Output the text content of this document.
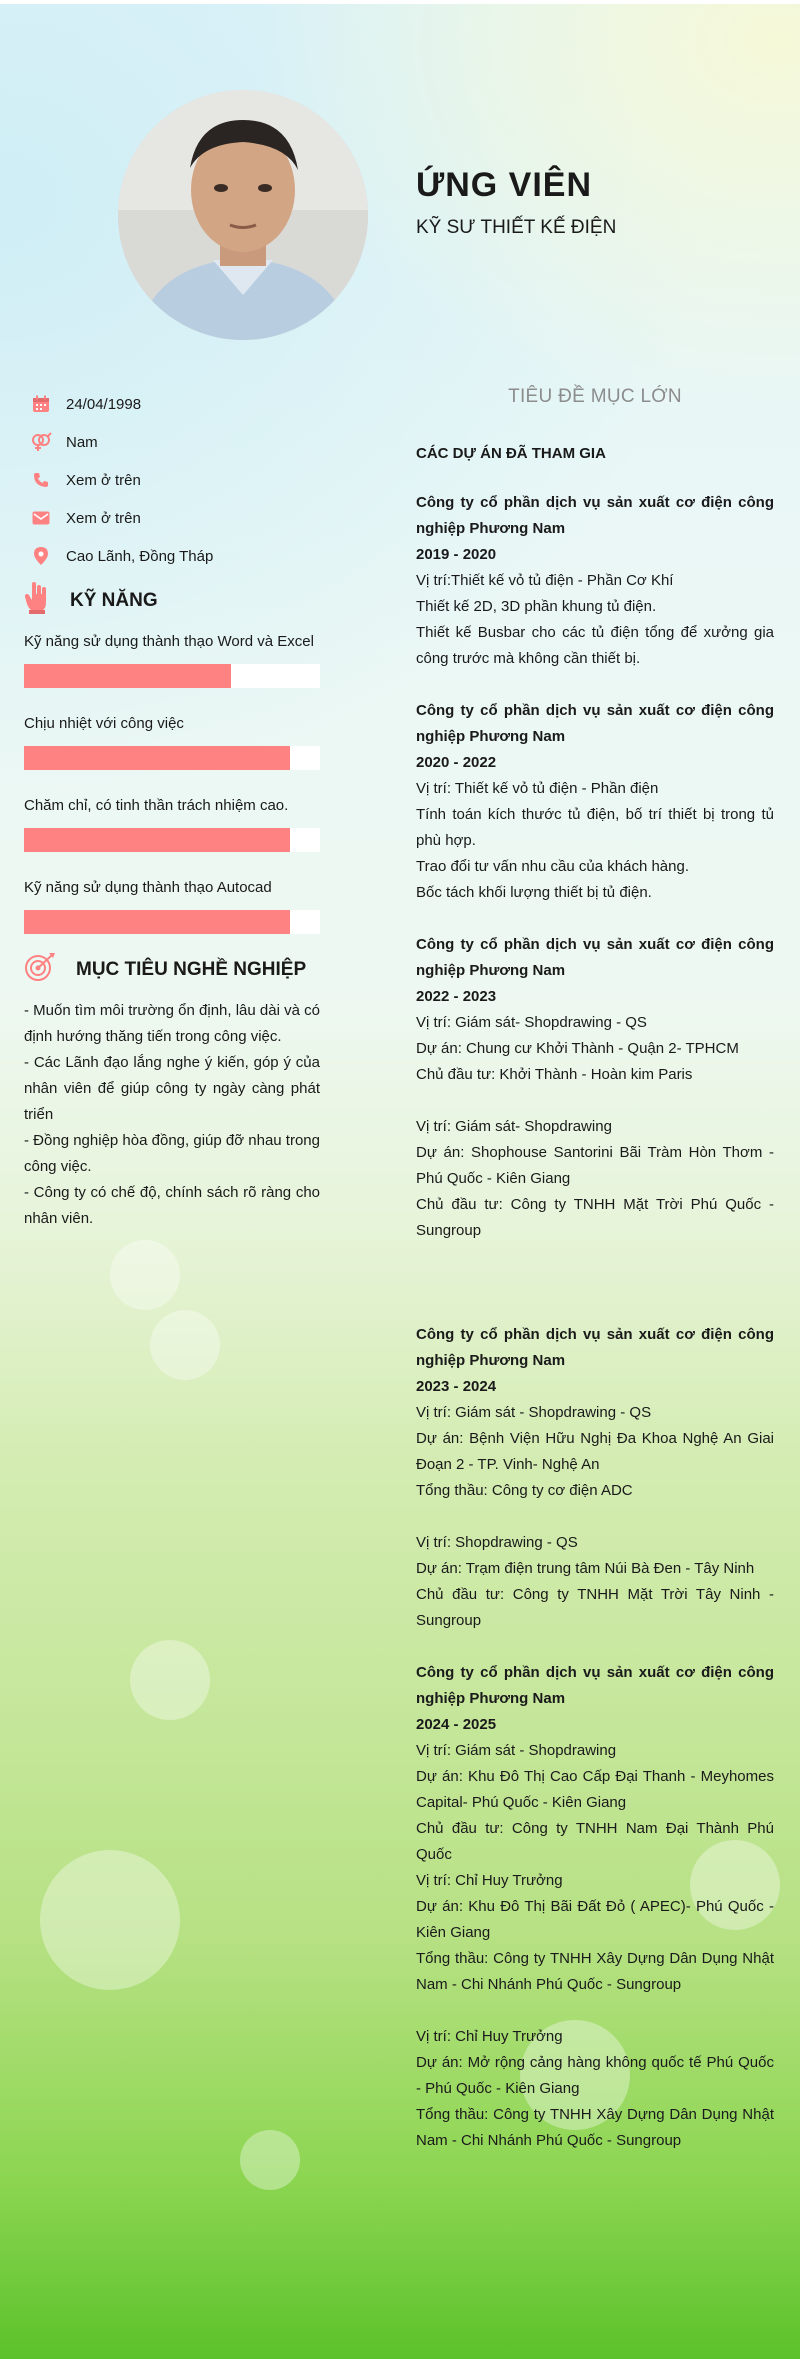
ỨNG VIÊN
KỸ SƯ THIẾT KẾ ĐIỆN
24/04/1998
Nam
Xem ở trên
Xem ở trên
Cao Lãnh, Đồng Tháp
KỸ NĂNG
Kỹ năng sử dụng thành thạo Word và Excel
Chịu nhiệt với công việc
Chăm chỉ, có tinh thần trách nhiệm cao.
Kỹ năng sử dụng thành thạo Autocad
MỤC TIÊU NGHỀ NGHIỆP

- Muốn tìm môi trường ổn định, lâu dài và có định hướng thăng tiến trong công việc.

- Các Lãnh đạo lắng nghe ý kiến, góp ý của nhân viên để giúp công ty ngày càng phát triển

- Đồng nghiệp hòa đồng, giúp đỡ nhau trong công việc.

- Công ty có chế độ, chính sách rõ ràng cho nhân viên.

TIÊU ĐỀ MỤC LỚN
CÁC DỰ ÁN ĐÃ THAM GIA

Công ty cổ phần dịch vụ sản xuất cơ điện công nghiệp Phương Nam

2019 - 2020

Vị trí:Thiết kế vỏ tủ điện - Phần Cơ Khí

Thiết kế 2D, 3D phần khung tủ điện.

Thiết kế Busbar cho các tủ điện tổng để xưởng gia công trước mà không cần thiết bị.

Công ty cổ phần dịch vụ sản xuất cơ điện công nghiệp Phương Nam

2020 - 2022

Vị trí: Thiết kế vỏ tủ điện - Phần điện

Tính toán kích thước tủ điện, bố trí thiết bị trong tủ phù hợp.

Trao đổi tư vấn nhu cầu của khách hàng.

Bốc tách khối lượng thiết bị tủ điện.

Công ty cổ phần dịch vụ sản xuất cơ điện công nghiệp Phương Nam

2022 - 2023

Vị trí: Giám sát- Shopdrawing - QS

Dự án: Chung cư Khởi Thành - Quận 2- TPHCM

Chủ đầu tư: Khởi Thành - Hoàn kim Paris

Vị trí: Giám sát- Shopdrawing

Dự án: Shophouse Santorini Bãi Tràm Hòn Thơm - Phú Quốc - Kiên Giang

Chủ đầu tư: Công ty TNHH Mặt Trời Phú Quốc - Sungroup

Công ty cổ phần dịch vụ sản xuất cơ điện công nghiệp Phương Nam

2023 - 2024

Vị trí: Giám sát - Shopdrawing - QS

Dự án: Bệnh Viện Hữu Nghị Đa Khoa Nghệ An Giai Đoạn 2 - TP. Vinh- Nghệ An

Tổng thầu: Công ty cơ điện ADC

Vị trí: Shopdrawing - QS

Dự án: Trạm điện trung tâm Núi Bà Đen - Tây Ninh

Chủ đầu tư: Công ty TNHH Mặt Trời Tây Ninh - Sungroup

Công ty cổ phần dịch vụ sản xuất cơ điện công nghiệp Phương Nam

2024 - 2025

Vị trí: Giám sát - Shopdrawing

Dự án: Khu Đô Thị Cao Cấp Đại Thanh - Meyhomes Capital- Phú Quốc - Kiên Giang

Chủ đầu tư: Công ty TNHH Nam Đại Thành Phú Quốc

Vị trí: Chỉ Huy Trưởng

Dự án: Khu Đô Thị Bãi Đất Đỏ ( APEC)- Phú Quốc - Kiên Giang

Tổng thầu: Công ty TNHH Xây Dựng Dân Dụng Nhật Nam - Chi Nhánh Phú Quốc - Sungroup

Vị trí: Chỉ Huy Trưởng

Dự án: Mở rộng cảng hàng không quốc tế Phú Quốc - Phú Quốc - Kiên Giang

Tổng thầu: Công ty TNHH Xây Dựng Dân Dụng Nhật Nam - Chi Nhánh Phú Quốc - Sungroup
